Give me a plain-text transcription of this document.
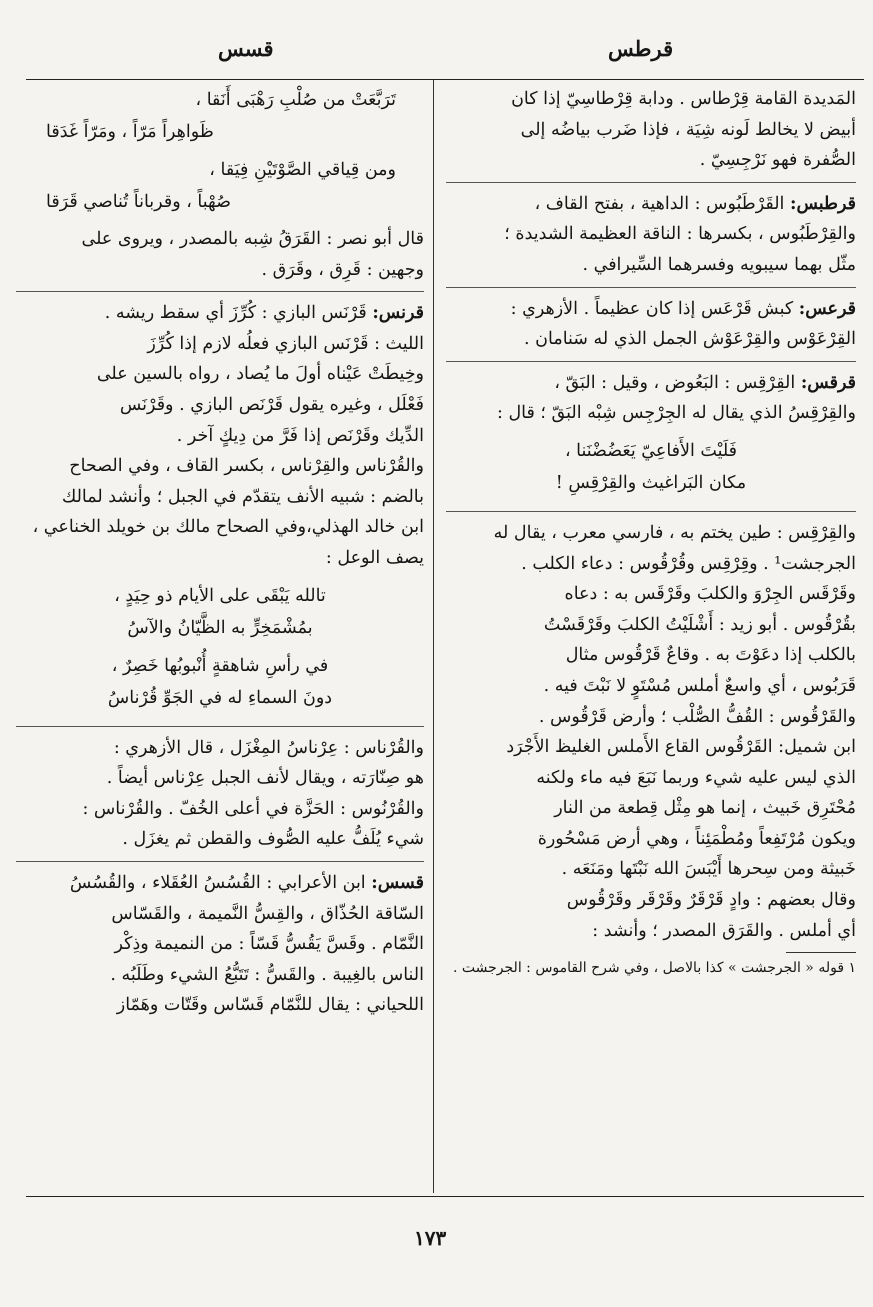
قرطس
قسس

المَديدة القامة قِرْطاس . ودابة قِرْطاسِيّ إذا كان

أبيض لا يخالط لَونه شِيَة ، فإذا ضَرب بياضُه إلى

الصُّفرة فهو نَرْجِسِيّ .

قرطبس: القَرْطَبُوس : الداهية ، بفتح القاف ،

والقِرْطَبُوس ، بكسرها : الناقة العظيمة الشديدة ؛

مثّل بهما سيبويه وفسرهما السِّيرافي .

قرعس: كبش قَرْعَس إذا كان عظيماً . الأزهري :

القِرْعَوْس والقِرْعَوْش الجمل الذي له سَنامان .

قرقس: القِرْقِس : البَعُوض ، وقيل : البَقّ ،

والقِرْقِسُ الذي يقال له الجِرْجِس شِبْه البَقّ ؛ قال :

فَلَيْتَ الأَفاعِيّ يَعَضُضْنَنا ،
مكان البَراغيث والقِرْقِسِ !

والقِرْقِس : طين يختم به ، فارسي معرب ، يقال له

الجرجشت¹ . وقِرْقِس وقُرْقُوس : دعاء الكلب .

وقَرْقَس الجِرْوَ والكلبَ وقَرْقَس به : دعاه

بقُرْقُوس . أبو زيد : أَشْلَيْتُ الكلبَ وقَرْقَسْتُ

بالكلب إذا دعَوْتَ به . وقاعٌ قَرْقُوس مثال

قَرَبُوس ، أي واسعٌ أملس مُسْتَوٍ لا نَبْتَ فيه .

والقَرْقُوس : القُفُّ الصُّلْب ؛ وأرض قَرْقُوس .

ابن شميل: القَرْقُوس القاع الأَملس الغليظ الأَجْرَد

الذي ليس عليه شيء وربما نَبَعَ فيه ماء ولكنه

مُحْتَرِق خَبيث ، إنما هو مِثْل قِطعة من النار

ويكون مُرْتَفِعاً ومُطْمَئِناً ، وهي أرض مَسْحُورة

خَبيثة ومن سِحرها أَيْبَسَ الله نَبْتَها ومَنَعَه .

وقال بعضهم : وادٍ قَرْقَرٌ وقَرْقَر وقَرْقُوس

أي أملس . والقَرَق المصدر ؛ وأنشد :

١ قوله « الجرجشت » كذا بالاصل ، وفي شرح القاموس : الجرجشت .

تَرَبَّعَتْ من صُلْبِ رَهْبَى أَنَقا ،
ظَواهِراً مَرّاً ، ومَرّاً غَدَقا
ومن قِياقي الصَّوْتَيْنِ فِيَقا ،
صُهْباً ، وقرباناً تُناصي قَرَقا

قال أبو نصر : القَرَقُ شِبه بالمصدر ، ويروى على

وجهين : قَرِق ، وقَرَق .

قرنس: قَرْنَس البازي : كُرِّزَ أي سقط ريشه .

الليث : قَرْنَس البازي فعلُه لازم إذا كُرِّزَ

وخِيطَتْ عَيْناه أولَ ما يُصاد ، رواه بالسين على

فَعْلَل ، وغيره يقول قَرْنَص البازي . وقَرْنَس

الدِّيك وقَرْنَص إذا فَرَّ من دِيكٍ آخر .

والقُرْناس والقِرْناس ، بكسر القاف ، وفي الصحاح

بالضم : شبيه الأنف يتقدّم في الجبل ؛ وأنشد لمالك

ابن خالد الهذلي،وفي الصحاح مالك بن خويلد الخناعي ،

يصف الوعل :

تالله يَبْقَى على الأيام ذو حِيَدٍ ،
بمُشْمَخِرٍّ به الظَّيّانُ والآسُ
في رأسِ شاهقةٍ أُنْبوبُها خَصِرٌ ،
دونَ السماءِ له في الجَوِّ قُرْناسُ

والقُرْناس : عِرْناسُ المِغْزَل ، قال الأزهري :

هو صِنّارَته ، ويقال لأنف الجبل عِرْناس أيضاً .

والقُرْنُوس : الحَزَّة في أعلى الخُفّ . والقُرْناس :

شيء يُلَفُّ عليه الصُّوف والقطن ثم يغزَل .

قسس: ابن الأعرابي : القُسُسُ العُقَلاء ، والقُسُسُ

السّاقة الحُذّاق ، والقِسُّ النَّميمة ، والقَسّاس

النَّمّام . وقَسَّ يَقُسُّ قَسّاً : من النميمة وذِكْر

الناس بالغِيبة . والقَسُّ : تَتَبُّعُ الشيء وطَلَبُه .

اللحياني : يقال للنَّمّام قَسّاس وقَتّات وهَمّاز

١٧٣
